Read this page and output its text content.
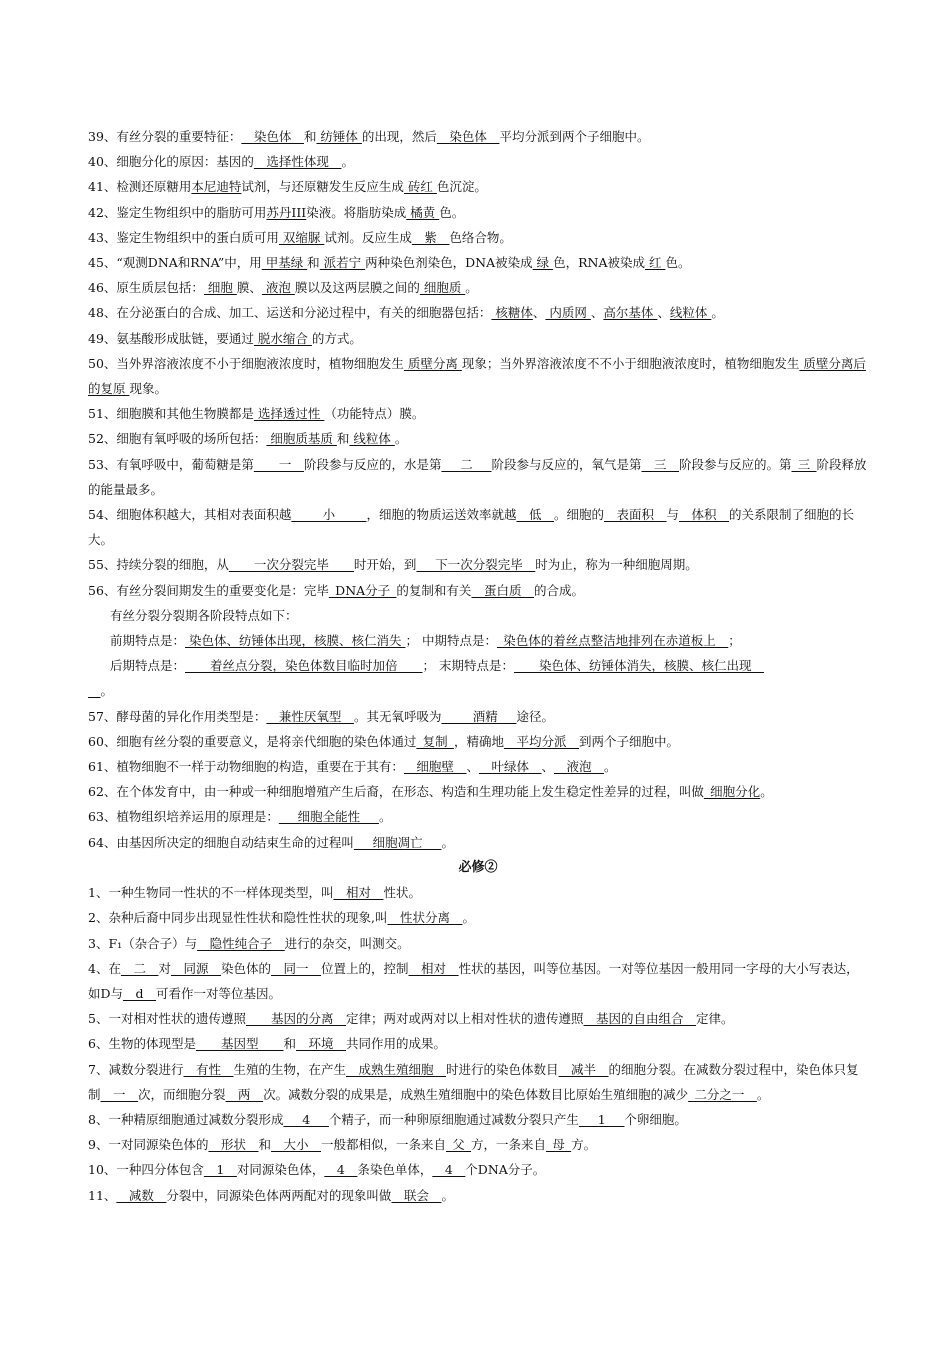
39、有丝分裂的重要特征：__染色体__和 纺锤体 的出现，然后__染色体__平均分派到两个子细胞中。
40、细胞分化的原因：基因的__选择性体现__。
41、检测还原糖用本尼迪特试剂，与还原糖发生反应生成 砖红 色沉淀。
42、鉴定生物组织中的脂肪可用苏丹III染液。将脂肪染成 橘黄 色。
43、鉴定生物组织中的蛋白质可用 双缩脲 试剂。反应生成__紫__色络合物。
45、“观测DNA和RNA”中，用 甲基绿 和 派若宁 两种染色剂染色，DNA被染成 绿 色，RNA被染成 红 色。
46、原生质层包括： 细胞 膜、 液泡 膜以及这两层膜之间的 细胞质 。
48、在分泌蛋白的合成、加工、运送和分泌过程中，有关的细胞器包括： 核糖体、 内质网 、高尔基体 、线粒体 。
49、氨基酸形成肽链，要通过 脱水缩合 的方式。
50、当外界溶液浓度不小于细胞液浓度时，植物细胞发生 质壁分离 现象；当外界溶液浓度不不小于细胞液浓度时，植物细胞发生 质壁分离后的复原 现象。
51、细胞膜和其他生物膜都是 选择透过性 （功能特点）膜。
52、细胞有氧呼吸的场所包括： 细胞质基质 和 线粒体 。
53、有氧呼吸中，葡萄糖是第____一__阶段参与反应的，水是第___二___阶段参与反应的，氧气是第__三__阶段参与反应的。第_三_阶段释放的能量最多。
54、细胞体积越大，其相对表面积越_____小_____，细胞的物质运送效率就越__低__。细胞的__表面积__与__体积__的关系限制了细胞的长大。
55、持续分裂的细胞，从____一次分裂完毕____时开始，到___下一次分裂完毕__时为止，称为一种细胞周期。
56、有丝分裂间期发生的重要变化是：完毕_DNA分子_的复制和有关__蛋白质__的合成。
有丝分裂分裂期各阶段特点如下：
前期特点是： 染色体、纺锤体出现，核膜、核仁消失 ； 中期特点是：_染色体的着丝点整洁地排列在赤道板上__；
后期特点是：____着丝点分裂，染色体数目临时加倍____； 末期特点是：____染色体、纺锤体消失，核膜、核仁出现__
__。
57、酵母菌的异化作用类型是：__兼性厌氧型__。其无氧呼吸为_____酒精___途径。
60、细胞有丝分裂的重要意义，是将亲代细胞的染色体通过_复制_，精确地__平均分派__到两个子细胞中。
61、植物细胞不一样于动物细胞的构造，重要在于其有：__细胞壁__、__叶绿体__、__液泡__。
62、在个体发育中，由一种或一种细胞增殖产生后裔，在形态、构造和生理功能上发生稳定性差异的过程，叫做_细胞分化。
63、植物组织培养运用的原理是：___细胞全能性___。
64、由基因所决定的细胞自动结束生命的过程叫___细胞凋亡___。
必修②
1、一种生物同一性状的不一样体现类型，叫__相对__性状。
2、杂种后裔中同步出现显性性状和隐性性状的现象,叫__性状分离__。
3、F₁（杂合子）与__隐性纯合子__进行的杂交，叫测交。
4、在__二__对__同源__染色体的__同一__位置上的，控制__相对__性状的基因，叫等位基因。一对等位基因一般用同一字母的大小写表达，如D与__d__可看作一对等位基因。
5、一对相对性状的遗传遵照____基因的分离__定律；两对或两对以上相对性状的遗传遵照__基因的自由组合__定律。
6、生物的体现型是____基因型____和__环境__共同作用的成果。
7、减数分裂进行__有性__生殖的生物，在产生__成熟生殖细胞__时进行的染色体数目__减半__的细胞分裂。在减数分裂过程中，染色体只复制__一__次，而细胞分裂__两__次。减数分裂的成果是，成熟生殖细胞中的染色体数目比原始生殖细胞的减少_二分之一__。
8、一种精原细胞通过减数分裂形成___4___个精子，而一种卵原细胞通过减数分裂只产生___1___个卵细胞。
9、一对同源染色体的__形状__和__大小__一般都相似，一条来自_父_方，一条来自_母_方。
10、一种四分体包含__1__对同源染色体，__4__条染色单体，__4__个DNA分子。
11、__减数__分裂中，同源染色体两两配对的现象叫做__联会__。
